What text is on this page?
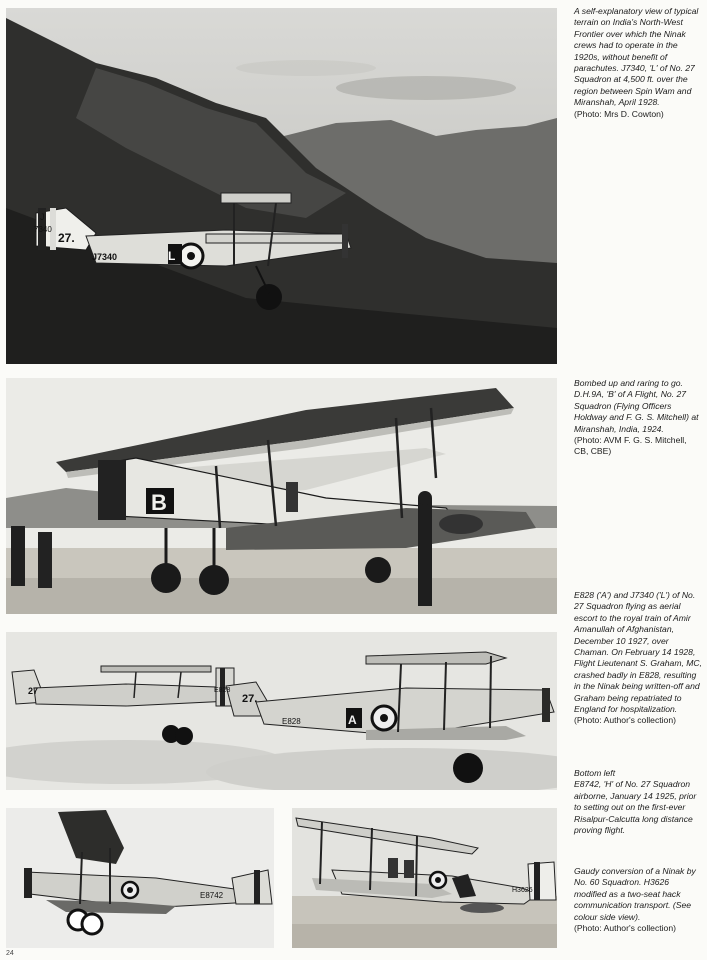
J
7340
27.
J7340	L
A self-explanatory view of typical terrain on India's North-West Frontier over which the Ninak crews had to operate in the 1920s, without benefit of parachutes. J7340, 'L' of No. 27 Squadron at 4,500 ft. over the region between Spin Wam and Miranshah, April 1928.
(Photo: Mrs D. Cowton)
B
Bombed up and raring to go. D.H.9A, 'B' of A Flight, No. 27 Squadron (Flying Officers Holdway and F. G. S. Mitchell) at Miranshah, India, 1924.
(Photo: AVM F. G. S. Mitchell, CB, CBE)
27	E828
27.
E828	A
E828 ('A') and J7340 ('L') of No. 27 Squadron flying as aerial escort to the royal train of Amir Amanullah of Afghanistan, December 10 1927, over Chaman. On February 14 1928, Flight Lieutenant S. Graham, MC, crashed badly in E828, resulting in the Ninak being written-off and Graham being repatriated to England for hospitalization.
(Photo: Author's collection)
E8742
H3626
Bottom left
E8742, 'H' of No. 27 Squadron airborne, January 14 1925, prior to setting out on the first-ever Risalpur-Calcutta long distance proving flight.
Gaudy conversion of a Ninak by No. 60 Squadron. H3626 modified as a two-seat hack communication transport. (See colour side view).
(Photo: Author's collection)
24
